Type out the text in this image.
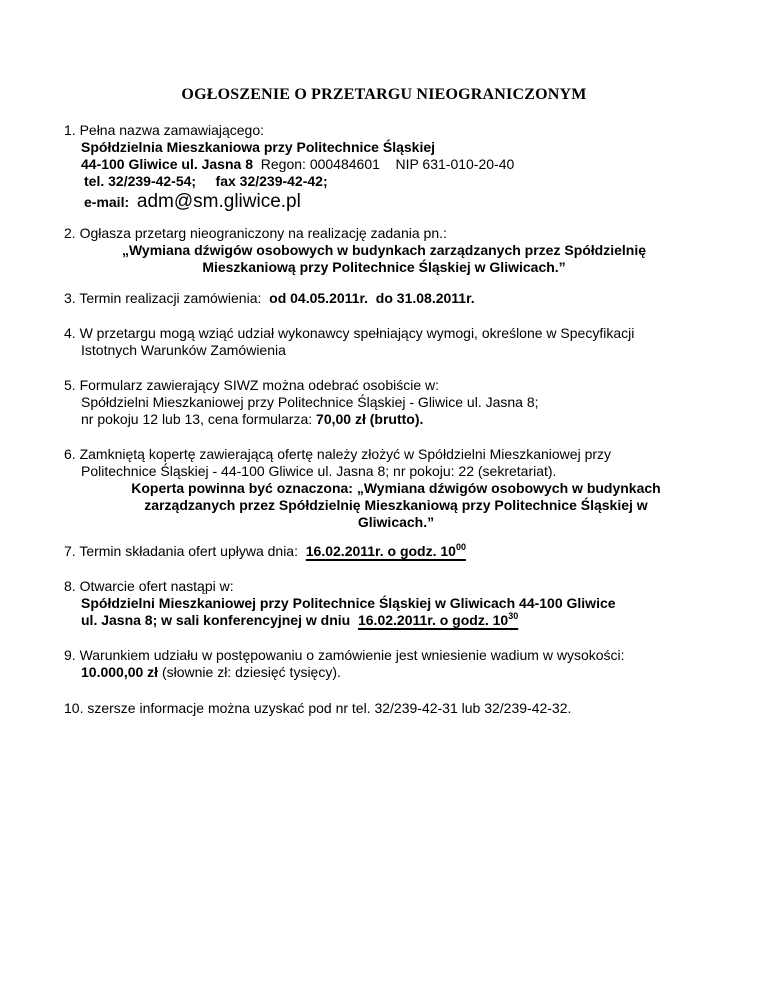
OGŁOSZENIE O PRZETARGU NIEOGRANICZONYM
1. Pełna nazwa zamawiającego:
Spółdzielnia Mieszkaniowa przy Politechnice Śląskiej
44-100 Gliwice ul. Jasna 8 Regon: 000484601 NIP 631-010-20-40
tel. 32/239-42-54; fax 32/239-42-42;
e-mail: adm@sm.gliwice.pl
2. Ogłasza przetarg nieograniczony na realizację zadania pn.:
„Wymiana dźwigów osobowych w budynkach zarządzanych przez Spółdzielnię
Mieszkaniową przy Politechnice Śląskiej w Gliwicach.”
3. Termin realizacji zamówienia: od 04.05.2011r. do 31.08.2011r.
4. W przetargu mogą wziąć udział wykonawcy spełniający wymogi, określone w Specyfikacji
Istotnych Warunków Zamówienia
5. Formularz zawierający SIWZ można odebrać osobiście w:
Spółdzielni Mieszkaniowej przy Politechnice Śląskiej - Gliwice ul. Jasna 8;
nr pokoju 12 lub 13, cena formularza: 70,00 zł (brutto).
6. Zamkniętą kopertę zawierającą ofertę należy złożyć w Spółdzielni Mieszkaniowej przy
Politechnice Śląskiej - 44-100 Gliwice ul. Jasna 8; nr pokoju: 22 (sekretariat).
Koperta powinna być oznaczona: „Wymiana dźwigów osobowych w budynkach
zarządzanych przez Spółdzielnię Mieszkaniową przy Politechnice Śląskiej w
Gliwicach.”
7. Termin składania ofert upływa dnia: 16.02.2011r. o godz. $10^{00}$
8. Otwarcie ofert nastąpi w:
Spółdzielni Mieszkaniowej przy Politechnice Śląskiej w Gliwicach 44-100 Gliwice
ul. Jasna 8; w sali konferencyjnej w dniu 16.02.2011r. o godz. $10^{30}$
9. Warunkiem udziału w postępowaniu o zamówienie jest wniesienie wadium w wysokości:
10.000,00 zł (słownie zł: dziesięć tysięcy).
10. szersze informacje można uzyskać pod nr tel. 32/239-42-31 lub 32/239-42-32.
